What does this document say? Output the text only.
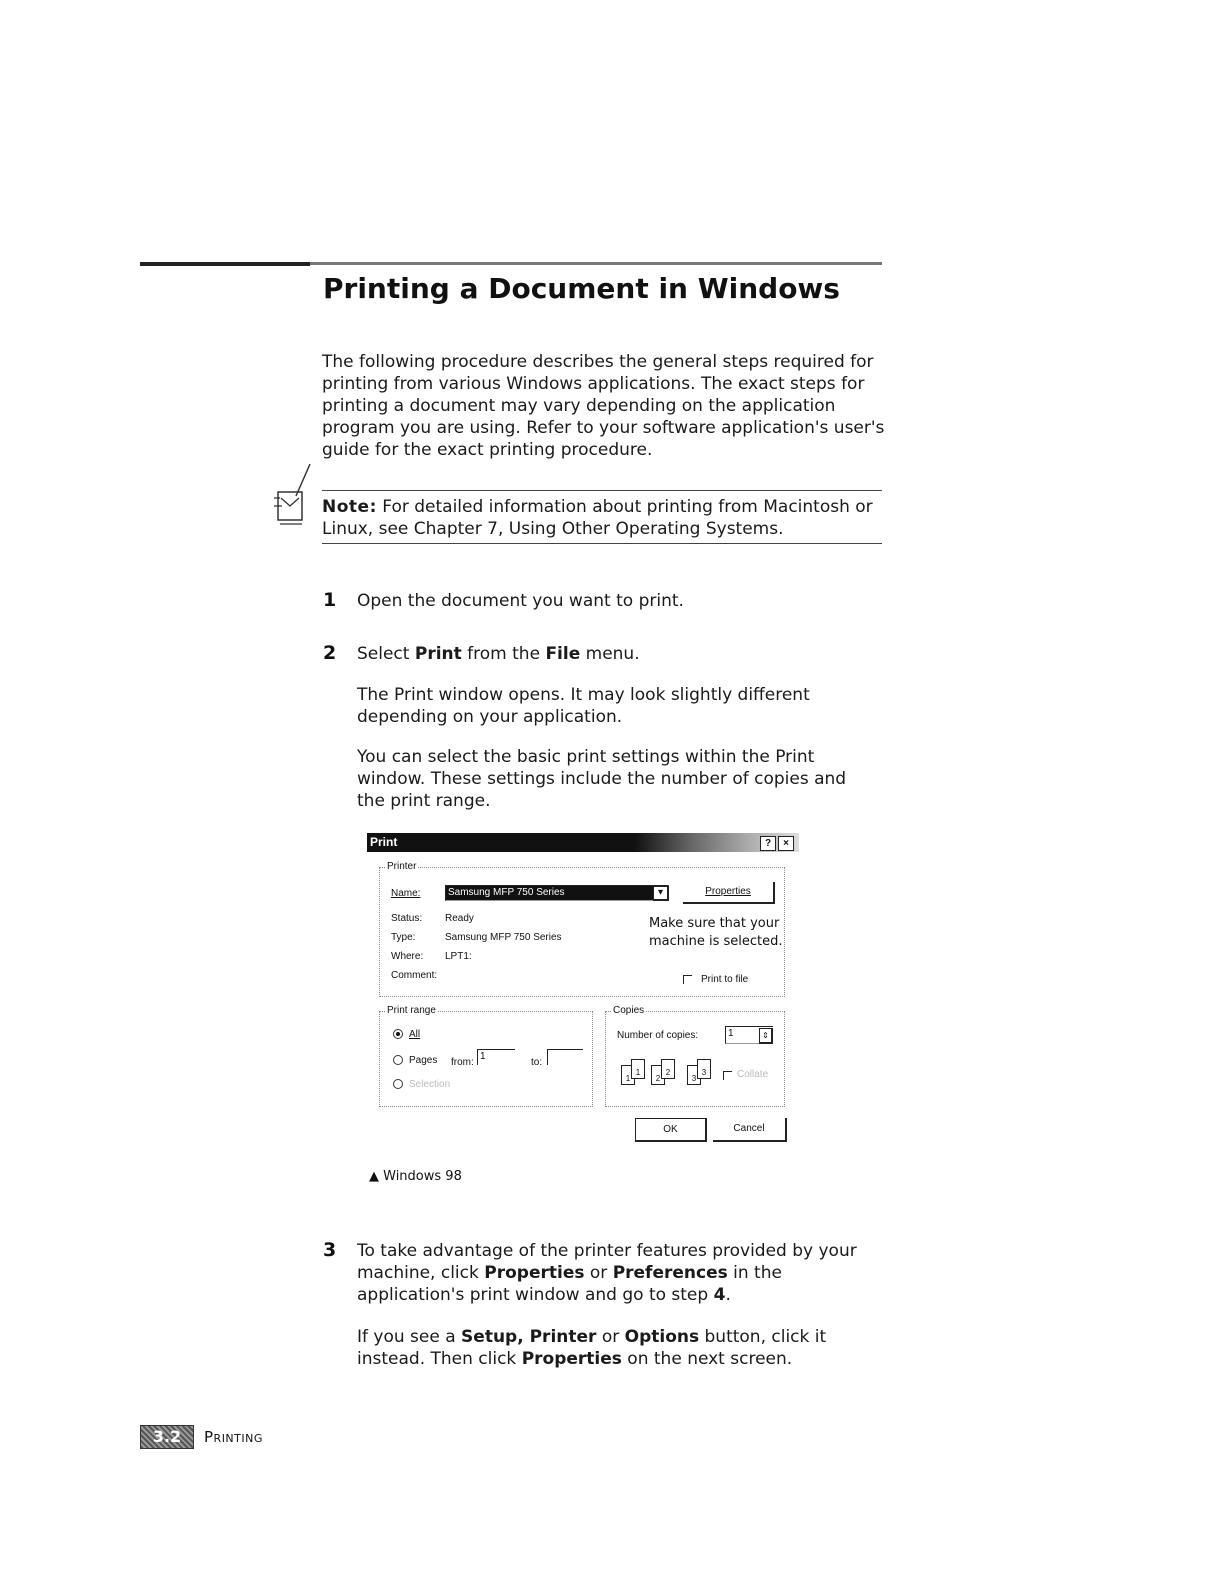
Printing a Document in Windows
The following procedure describes the general steps required for printing from various Windows applications. The exact steps for printing a document may vary depending on the application program you are using. Refer to your software application's user's guide for the exact printing procedure.
Note: For detailed information about printing from Macintosh or Linux, see Chapter 7, Using Other Operating Systems.
1 Open the document you want to print.
2 Select Print from the File menu.
The Print window opens. It may look slightly different depending on your application.
You can select the basic print settings within the Print window. These settings include the number of copies and the print range.
Print	?	×
Printer
Name:	Samsung MFP 750 Series	▾	Properties
Status: Ready
Type:	Samsung MFP 750 Series
Where: LPT1:
Comment:
Make sure that your machine is selected.
Print to file
Print range
All
Pages from:
1
to:
Selection
Copies
Number of copies:	1	⇕
1
1
2
2
3
3	Collate
OK	Cancel
▲ Windows 98
3 To take advantage of the printer features provided by your machine, click Properties or Preferences in the application's print window and go to step 4.
If you see a Setup, Printer or Options button, click it instead. Then click Properties on the next screen.
3.2	Printing
